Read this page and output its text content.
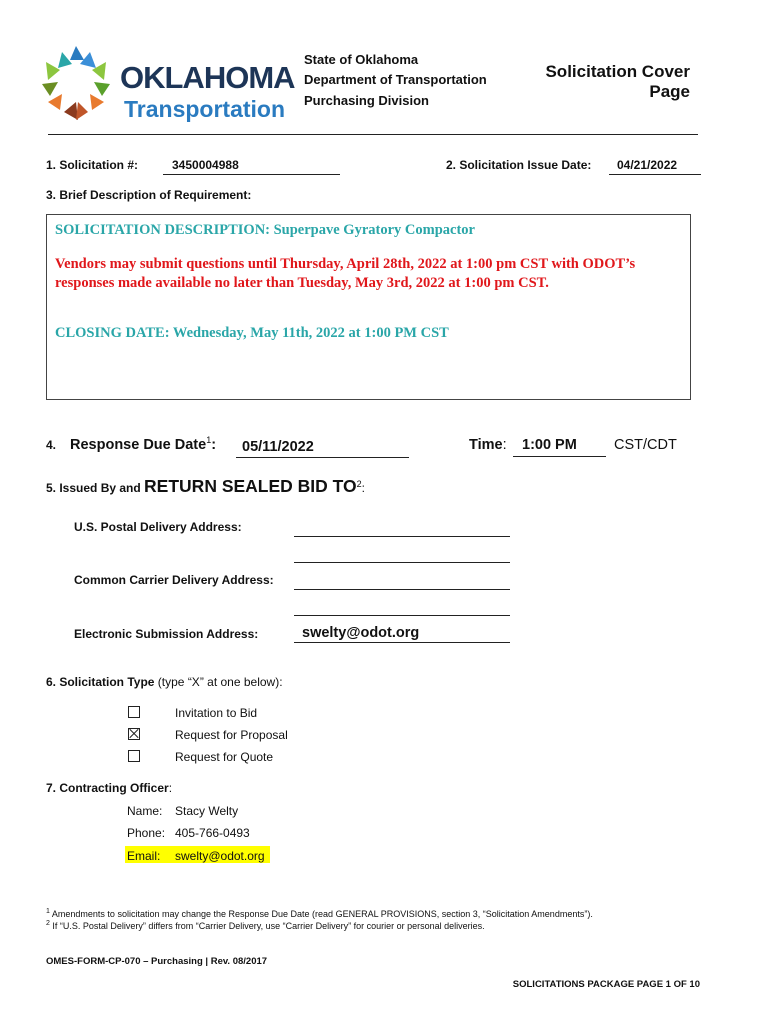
OKLAHOMA
Transportation
State of Oklahoma
Department of Transportation
Purchasing Division
Solicitation Cover
Page
1. Solicitation #:	3450004988	2. Solicitation Issue Date: 04/21/2022
3. Brief Description of Requirement:
SOLICITATION DESCRIPTION: Superpave Gyratory Compactor
Vendors may submit questions until Thursday, April 28th, 2022 at 1:00 pm CST with ODOT’s
responses made available no later than Tuesday, May 3rd, 2022 at 1:00 pm CST.
CLOSING DATE: Wednesday, May 11th, 2022 at 1:00 PM CST
4. Response Due Date$^1$: 05/11/2022	Time: 1:00 PM	CST/CDT
5. Issued By and RETURN SEALED BID $TO^2$:
U.S. Postal Delivery Address:
Common Carrier Delivery Address:
Electronic Submission Address:	swelty@odot.org
6. Solicitation Type (type “X” at one below):
Invitation to Bid
Request for Proposal
Request for Quote
7. Contracting Officer:
Name: Stacy Welty
Phone: 405-766-0493
Email: swelty@odot.org
$^1$ Amendments to solicitation may change the Response Due Date (read GENERAL PROVISIONS, section 3, “Solicitation Amendments”).
$^2$ If “U.S. Postal Delivery” differs from “Carrier Delivery, use “Carrier Delivery” for courier or personal deliveries.
OMES-FORM-CP-070 – Purchasing | Rev. 08/2017
SOLICITATIONS PACKAGE PAGE 1 OF 10
